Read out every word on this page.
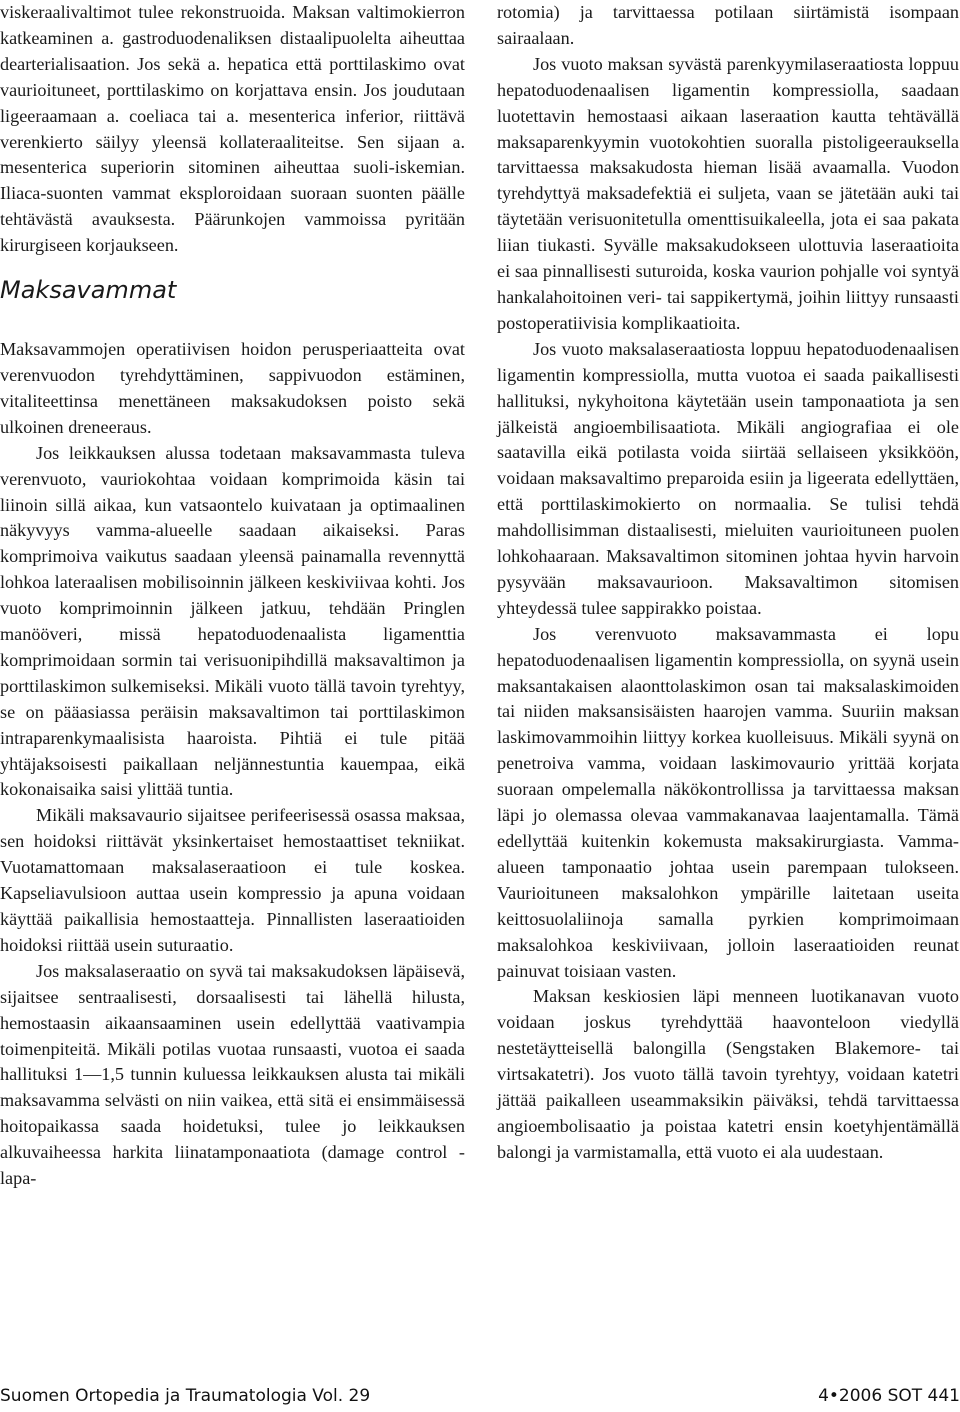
viskeraalivaltimot tulee rekonstruoida. Maksan valtimokierron katkeaminen a. gastroduodenaliksen distaalipuolelta aiheuttaa dearterialisaation. Jos sekä a. hepatica että porttilaskimo ovat vaurioituneet, porttilaskimo on korjattava ensin. Jos joudutaan ligeeraamaan a. coeliaca tai a. mesenterica inferior, riittävä verenkierto säilyy yleensä kollateraaliteitse. Sen sijaan a. mesenterica superiorin sitominen aiheuttaa suoli-iskemian. Iliaca-suonten vammat eksploroidaan suoraan suonten päälle tehtävästä avauksesta. Päärunkojen vammoissa pyritään kirurgiseen korjaukseen.

Maksavammat

Maksavammojen operatiivisen hoidon perusperiaatteita ovat verenvuodon tyrehdyttäminen, sappivuodon estäminen, vitaliteettinsa menettäneen maksakudoksen poisto sekä ulkoinen dreneeraus.

Jos leikkauksen alussa todetaan maksavammasta tuleva verenvuoto, vauriokohtaa voidaan komprimoida käsin tai liinoin sillä aikaa, kun vatsaontelo kuivataan ja optimaalinen näkyvyys vamma-alueelle saadaan aikaiseksi. Paras komprimoiva vaikutus saadaan yleensä painamalla revennyttä lohkoa lateraalisen mobilisoinnin jälkeen keskiviivaa kohti. Jos vuoto komprimoinnin jälkeen jatkuu, tehdään Pringlen manööveri, missä hepatoduodenaalista ligamenttia komprimoidaan sormin tai verisuonipihdillä maksavaltimon ja porttilaskimon sulkemiseksi. Mikäli vuoto tällä tavoin tyrehtyy, se on pääasiassa peräisin maksavaltimon tai porttilaskimon intraparenkymaalisista haaroista. Pihtiä ei tule pitää yhtäjaksoisesti paikallaan neljännestuntia kauempaa, eikä kokonaisaika saisi ylittää tuntia.

Mikäli maksavaurio sijaitsee perifeerisessä osassa maksaa, sen hoidoksi riittävät yksinkertaiset hemostaattiset tekniikat. Vuotamattomaan maksalaseraatioon ei tule koskea. Kapseliavulsioon auttaa usein kompressio ja apuna voidaan käyttää paikallisia hemostaatteja. Pinnallisten laseraatioiden hoidoksi riittää usein suturaatio.

Jos maksalaseraatio on syvä tai maksakudoksen läpäisevä, sijaitsee sentraalisesti, dorsaalisesti tai lähellä hilusta, hemostaasin aikaansaaminen usein edellyttää vaativampia toimenpiteitä. Mikäli potilas vuotaa runsaasti, vuotoa ei saada hallituksi 1—1,5 tunnin kuluessa leikkauksen alusta tai mikäli maksavamma selvästi on niin vaikea, että sitä ei ensimmäisessä hoitopaikassa saada hoidetuksi, tulee jo leikkauksen alkuvaiheessa harkita liinatamponaatiota (damage control -lapa-

rotomia) ja tarvittaessa potilaan siirtämistä isompaan sairaalaan.

Jos vuoto maksan syvästä parenkyymilaseraatiosta loppuu hepatoduodenaalisen ligamentin kompressiolla, saadaan luotettavin hemostaasi aikaan laseraation kautta tehtävällä maksaparenkyymin vuotokohtien suoralla pistoligeerauksella tarvittaessa maksakudosta hieman lisää avaamalla. Vuodon tyrehdyttyä maksadefektiä ei suljeta, vaan se jätetään auki tai täytetään verisuonitetulla omenttisuikaleella, jota ei saa pakata liian tiukasti. Syvälle maksakudokseen ulottuvia laseraatioita ei saa pinnallisesti suturoida, koska vaurion pohjalle voi syntyä hankalahoitoinen veri- tai sappikertymä, joihin liittyy runsaasti postoperatiivisia komplikaatioita.

Jos vuoto maksalaseraatiosta loppuu hepatoduodenaalisen ligamentin kompressiolla, mutta vuotoa ei saada paikallisesti hallituksi, nykyhoitona käytetään usein tamponaatiota ja sen jälkeistä angioembilisaatiota. Mikäli angiografiaa ei ole saatavilla eikä potilasta voida siirtää sellaiseen yksikköön, voidaan maksavaltimo preparoida esiin ja ligeerata edellyttäen, että porttilaskimokierto on normaalia. Se tulisi tehdä mahdollisimman distaalisesti, mieluiten vaurioituneen puolen lohkohaaraan. Maksavaltimon sitominen johtaa hyvin harvoin pysyvään maksavaurioon. Maksavaltimon sitomisen yhteydessä tulee sappirakko poistaa.

Jos verenvuoto maksavammasta ei lopu hepatoduodenaalisen ligamentin kompressiolla, on syynä usein maksantakaisen alaonttolaskimon osan tai maksalaskimoiden tai niiden maksansisäisten haarojen vamma. Suuriin maksan laskimovammoihin liittyy korkea kuolleisuus. Mikäli syynä on penetroiva vamma, voidaan laskimovaurio yrittää korjata suoraan ompelemalla näkökontrollissa ja tarvittaessa maksan läpi jo olemassa olevaa vammakanavaa laajentamalla. Tämä edellyttää kuitenkin kokemusta maksakirurgiasta. Vamma-alueen tamponaatio johtaa usein parempaan tulokseen. Vaurioituneen maksalohkon ympärille laitetaan useita keittosuolaliinoja samalla pyrkien komprimoimaan maksalohkoa keskiviivaan, jolloin laseraatioiden reunat painuvat toisiaan vasten.

Maksan keskiosien läpi menneen luotikanavan vuoto voidaan joskus tyrehdyttää haavonteloon viedyllä nestetäytteisellä balongilla (Sengstaken Blakemore- tai virtsakatetri). Jos vuoto tällä tavoin tyrehtyy, voidaan katetri jättää paikalleen useammaksikin päiväksi, tehdä tarvittaessa angioembolisaatio ja poistaa katetri ensin koetyhjentämällä balongi ja varmistamalla, että vuoto ei ala uudestaan.

Suomen Ortopedia ja Traumatologia Vol. 29	4•2006 SOT 441
